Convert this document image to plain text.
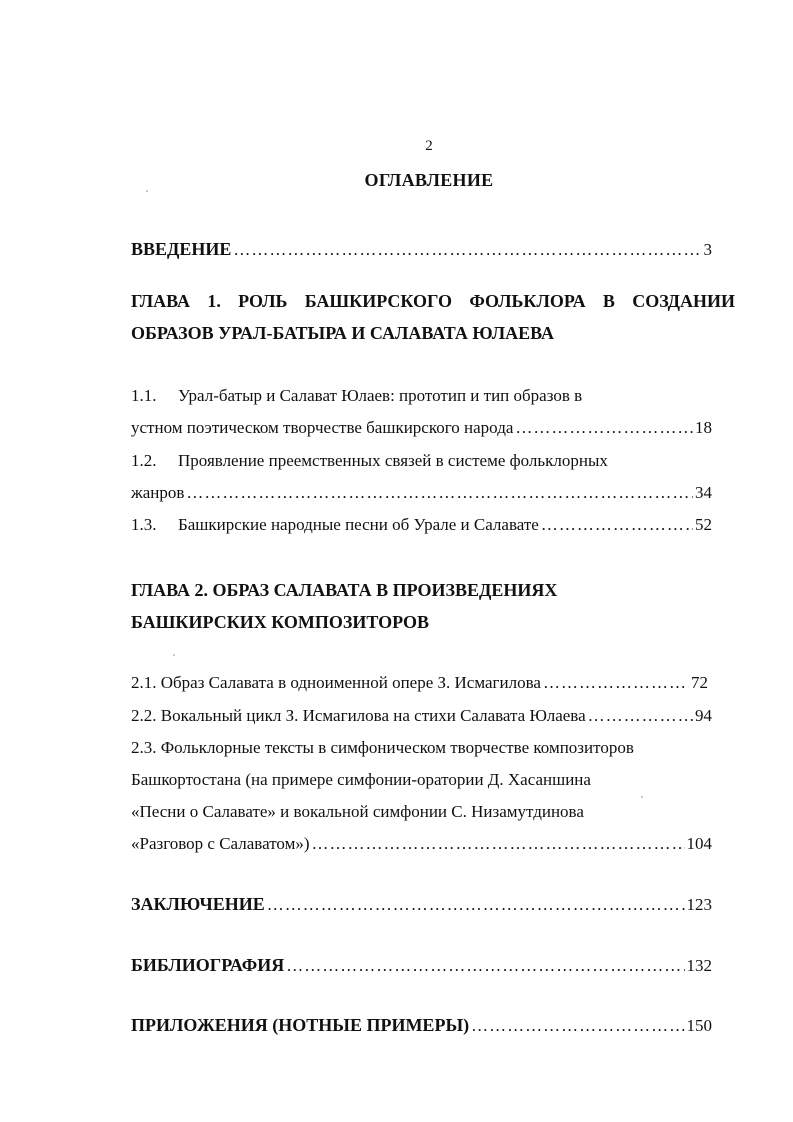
2
ОГЛАВЛЕНИЕ
ВВЕДЕНИЕ ………………………………………………………………………………………………………………………………………………………………………………………………	3
ГЛАВА 1. РОЛЬ БАШКИРСКОГО ФОЛЬКЛОРА В СОЗДАНИИ
ОБРАЗОВ УРАЛ-БАТЫРА И САЛАВАТА ЮЛАЕВА
1.1. Урал-батыр и Салават Юлаев: прототип и тип образов в
устном поэтическом творчестве башкирского народа ………………………………………………………………………………………………………………………………………………………………………………………………	18
1.2. Проявление преемственных связей в системе фольклорных
жанров ………………………………………………………………………………………………………………………………………………………………………………………………	34
1.3. Башкирские народные песни об Урале и Салавате ………………………………………………………………………………………………………………………………………………………………………………………………	52
ГЛАВА 2. ОБРАЗ САЛАВАТА В ПРОИЗВЕДЕНИЯХ
БАШКИРСКИХ КОМПОЗИТОРОВ
2.1. Образ Салавата в одноименной опере З. Исмагилова ………………………………………………………………………………………………………………………………………………………………………………………………	72
2.2. Вокальный цикл З. Исмагилова на стихи Салавата Юлаева ………………………………………………………………………………………………………………………………………………………………………………………………	94
2.3. Фольклорные тексты в симфоническом творчестве композиторов
Башкортостана (на примере симфонии-оратории Д. Хасаншина
«Песни о Салавате» и вокальной симфонии С. Низамутдинова
«Разговор с Салаватом») ………………………………………………………………………………………………………………………………………………………………………………………………	104
ЗАКЛЮЧЕНИЕ ………………………………………………………………………………………………………………………………………………………………………………………………	123
БИБЛИОГРАФИЯ ………………………………………………………………………………………………………………………………………………………………………………………………	132
ПРИЛОЖЕНИЯ (НОТНЫЕ ПРИМЕРЫ) ………………………………………………………………………………………………………………………………………………………………………………………………	150
